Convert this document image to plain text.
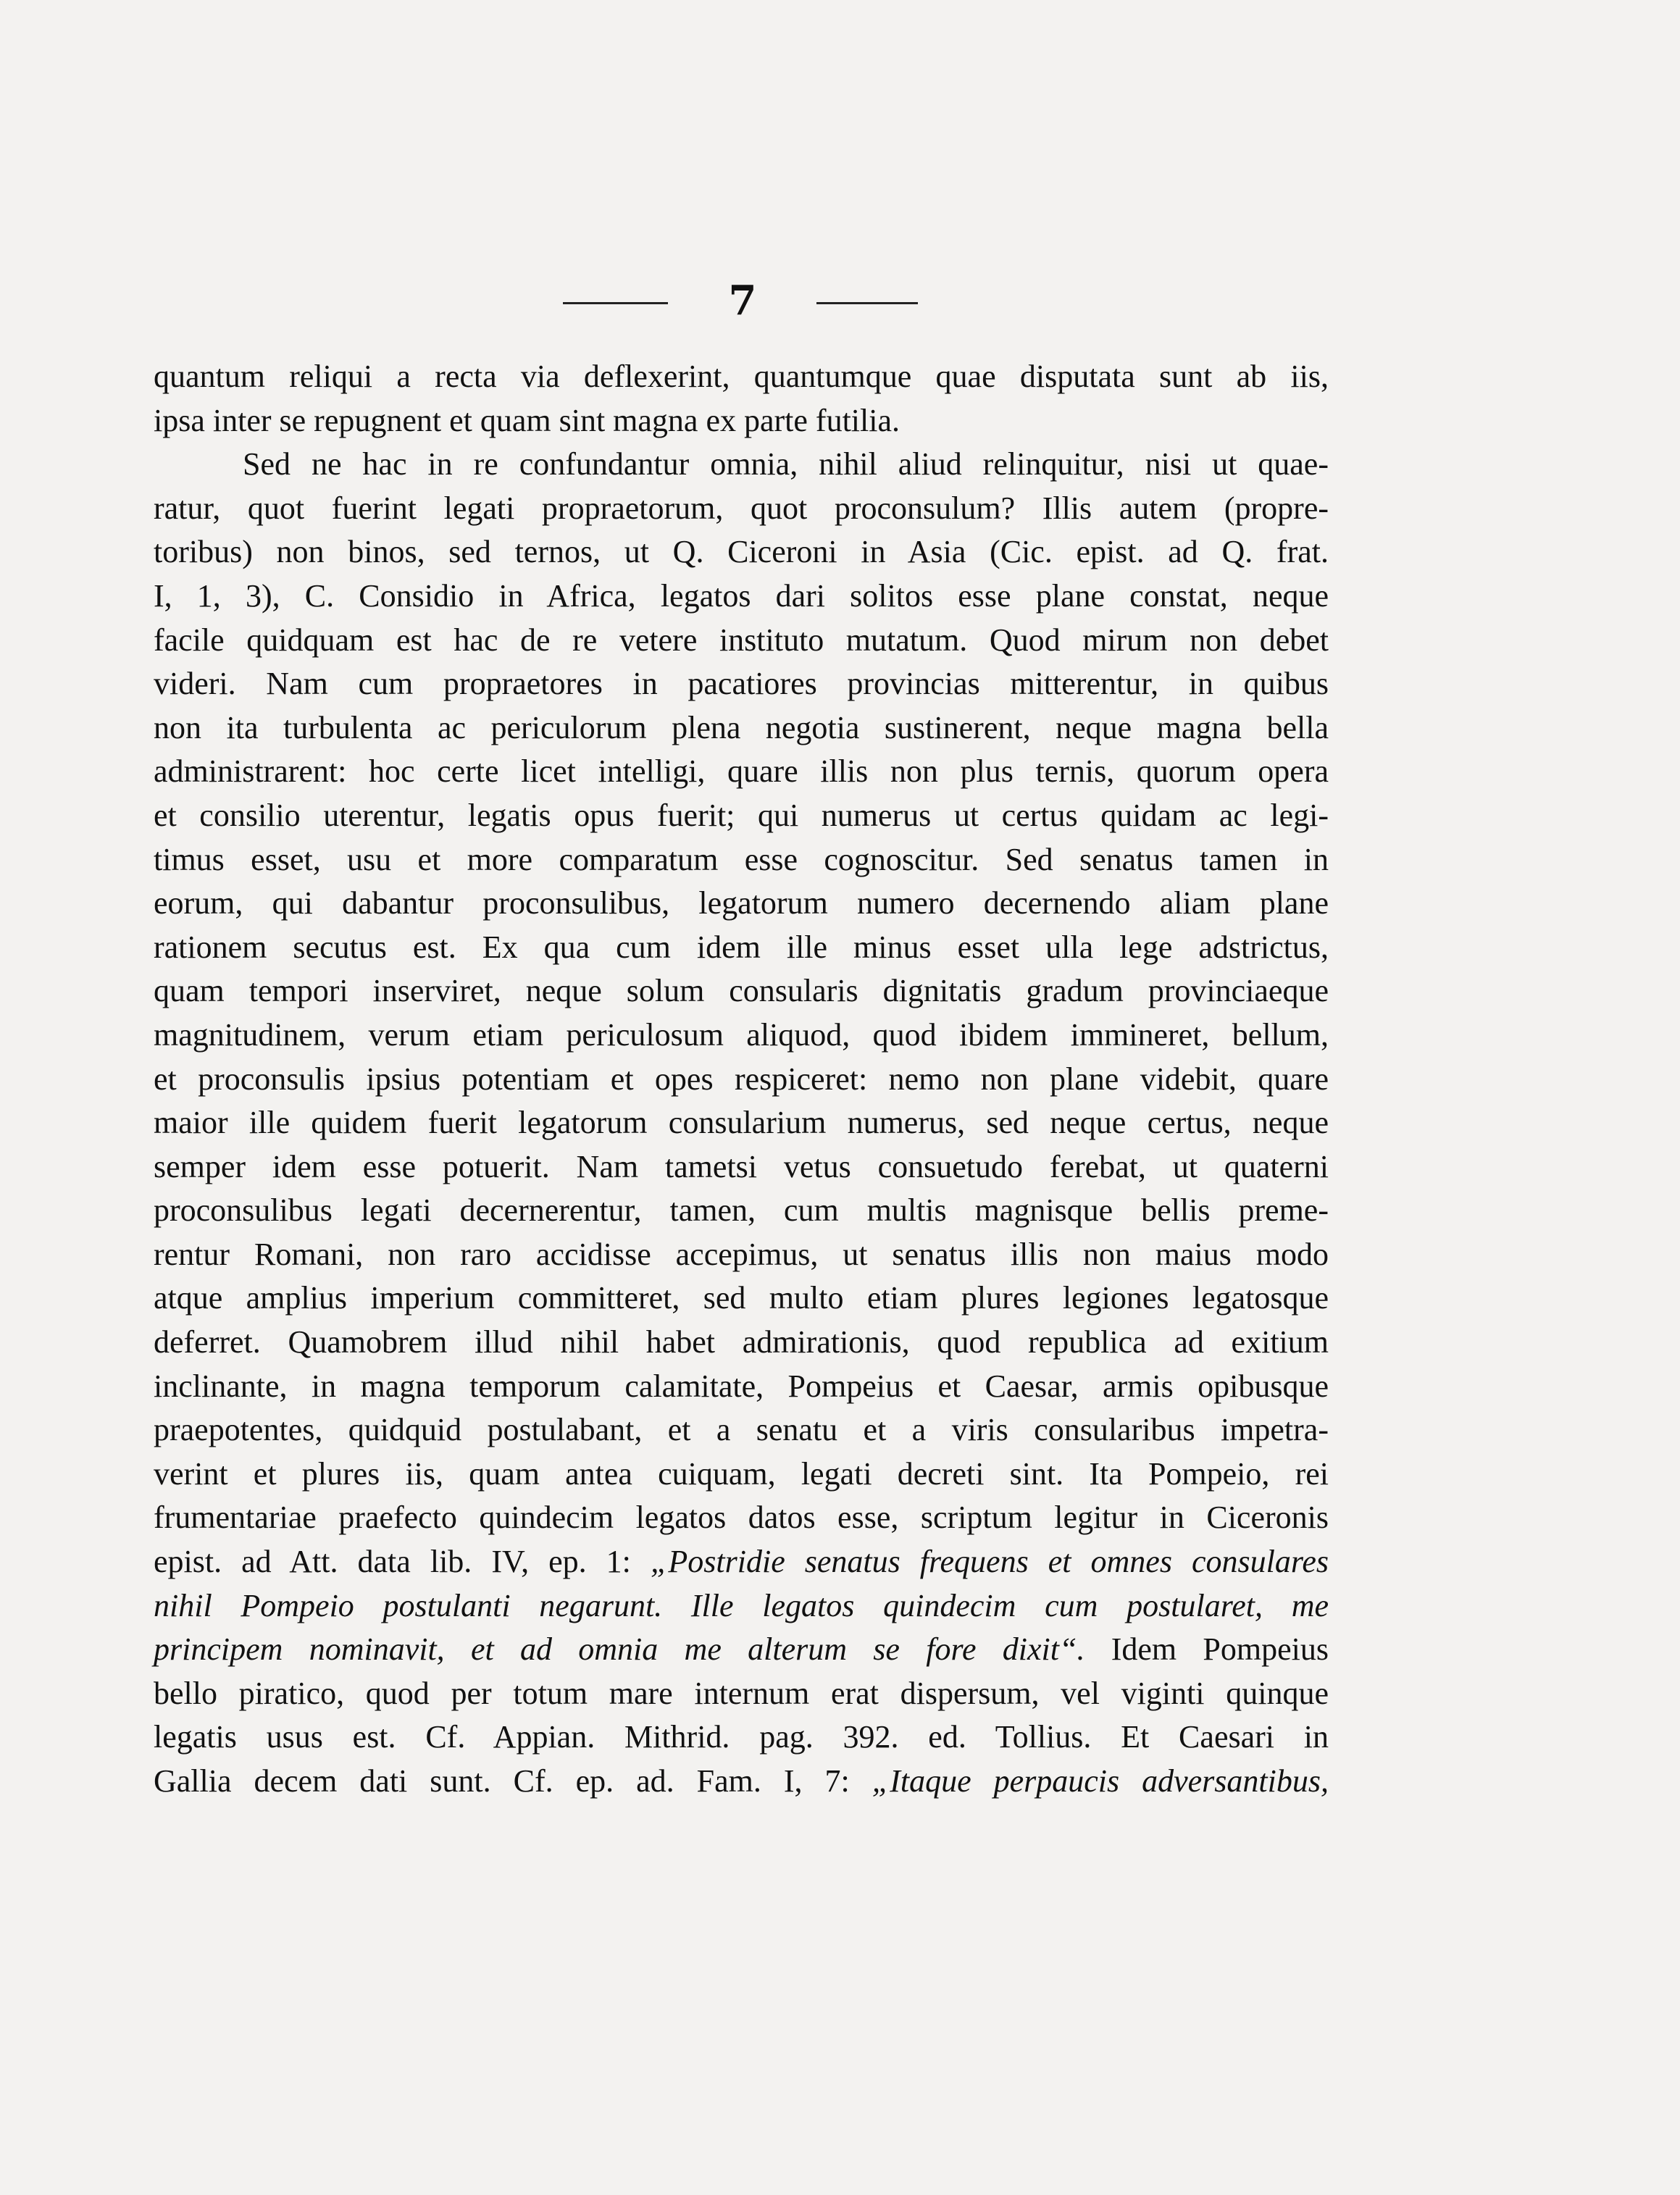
7
quantum reliqui a recta via deflexerint, quantumque quae disputata sunt ab iis,
ipsa inter se repugnent et quam sint magna ex parte futilia.
Sed ne hac in re confundantur omnia, nihil aliud relinquitur, nisi ut quae-
ratur, quot fuerint legati propraetorum, quot proconsulum? Illis autem (propre-
toribus) non binos, sed ternos, ut Q. Ciceroni in Asia (Cic. epist. ad Q. frat.
I, 1, 3), C. Considio in Africa, legatos dari solitos esse plane constat, neque
facile quidquam est hac de re vetere instituto mutatum. Quod mirum non debet
videri. Nam cum propraetores in pacatiores provincias mitterentur, in quibus
non ita turbulenta ac periculorum plena negotia sustinerent, neque magna bella
administrarent: hoc certe licet intelligi, quare illis non plus ternis, quorum opera
et consilio uterentur, legatis opus fuerit; qui numerus ut certus quidam ac legi-
timus esset, usu et more comparatum esse cognoscitur. Sed senatus tamen in
eorum, qui dabantur proconsulibus, legatorum numero decernendo aliam plane
rationem secutus est. Ex qua cum idem ille minus esset ulla lege adstrictus,
quam tempori inserviret, neque solum consularis dignitatis gradum provinciaeque
magnitudinem, verum etiam periculosum aliquod, quod ibidem immineret, bellum,
et proconsulis ipsius potentiam et opes respiceret: nemo non plane videbit, quare
maior ille quidem fuerit legatorum consularium numerus, sed neque certus, neque
semper idem esse potuerit. Nam tametsi vetus consuetudo ferebat, ut quaterni
proconsulibus legati decernerentur, tamen, cum multis magnisque bellis preme-
rentur Romani, non raro accidisse accepimus, ut senatus illis non maius modo
atque amplius imperium committeret, sed multo etiam plures legiones legatosque
deferret. Quamobrem illud nihil habet admirationis, quod republica ad exitium
inclinante, in magna temporum calamitate, Pompeius et Caesar, armis opibusque
praepotentes, quidquid postulabant, et a senatu et a viris consularibus impetra-
verint et plures iis, quam antea cuiquam, legati decreti sint. Ita Pompeio, rei
frumentariae praefecto quindecim legatos datos esse, scriptum legitur in Ciceronis
epist. ad Att. data lib. IV, ep. 1: „Postridie senatus frequens et omnes consulares
nihil Pompeio postulanti negarunt. Ille legatos quindecim cum postularet, me
principem nominavit, et ad omnia me alterum se fore dixit“. Idem Pompeius
bello piratico, quod per totum mare internum erat dispersum, vel viginti quinque
legatis usus est. Cf. Appian. Mithrid. pag. 392. ed. Tollius. Et Caesari in
Gallia decem dati sunt. Cf. ep. ad. Fam. I, 7: „Itaque perpaucis adversantibus,
